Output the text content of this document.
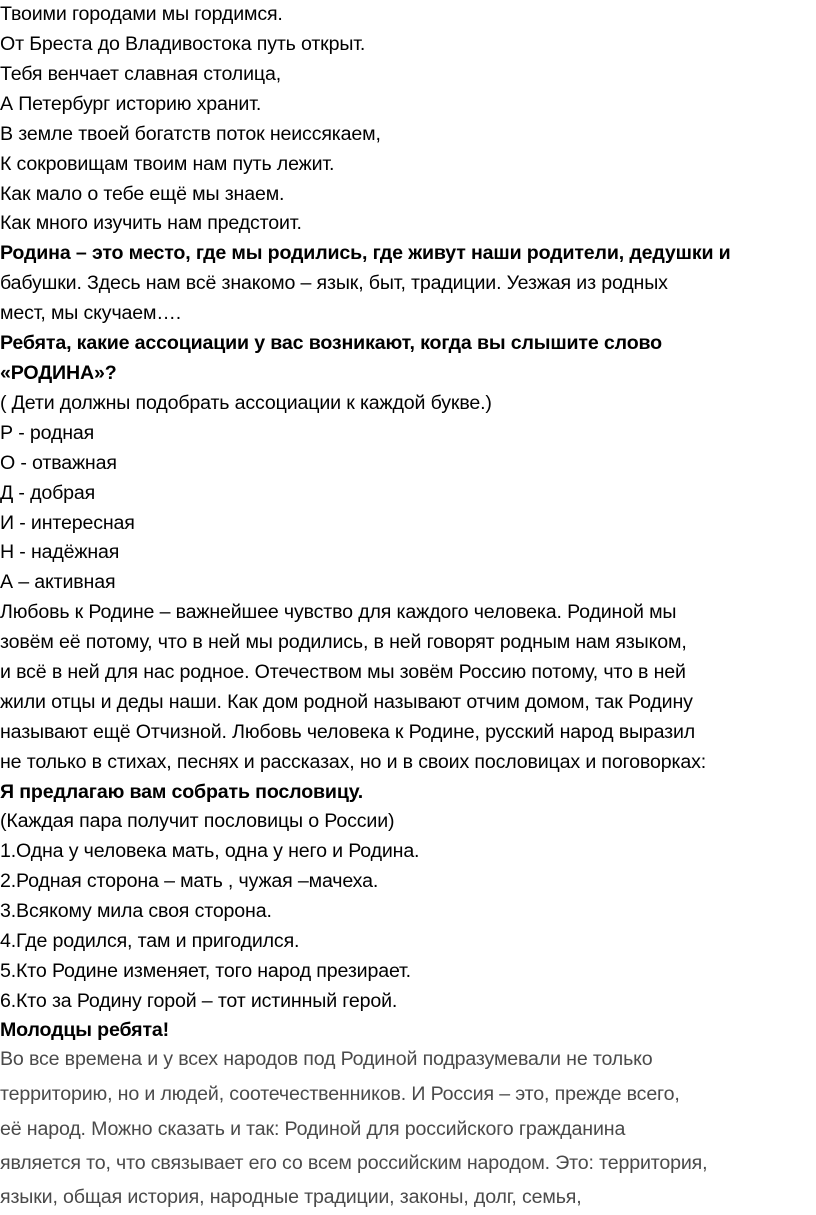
Твоими городами мы гордимся.
От Бреста до Владивостока путь открыт.
Тебя венчает славная столица,
А Петербург историю хранит.
В земле твоей богатств поток неиссякаем,
К сокровищам твоим нам путь лежит.
Как мало о тебе ещё мы знаем.
Как много изучить нам предстоит.
Родина – это место, где мы родились, где живут наши родители, дедушки и
бабушки. Здесь нам всё знакомо – язык, быт, традиции. Уезжая из родных
мест, мы скучаем….
Ребята, какие ассоциации у вас возникают, когда вы слышите слово
«РОДИНА»?
( Дети должны подобрать ассоциации к каждой букве.)
Р - родная
О - отважная
Д - добрая
И - интересная
Н - надёжная
А – активная
Любовь к Родине – важнейшее чувство для каждого человека. Родиной мы
зовём её потому, что в ней мы родились, в ней говорят родным нам языком,
и всё в ней для нас родное. Отечеством мы зовём Россию потому, что в ней
жили отцы и деды наши. Как дом родной называют отчим домом, так Родину
называют ещё Отчизной. Любовь человека к Родине, русский народ выразил
не только в стихах, песнях и рассказах, но и в своих пословицах и поговорках:
Я предлагаю вам собрать пословицу.
(Каждая пара получит пословицы о России)
1.Одна у человека мать, одна у него и Родина.
2.Родная сторона – мать , чужая –мачеха.
3.Всякому мила своя сторона.
4.Где родился, там и пригодился.
5.Кто Родине изменяет, того народ презирает.
6.Кто за Родину горой – тот истинный герой.
Молодцы ребята!
Во все времена и у всех народов под Родиной подразумевали не только
территорию, но и людей, соотечественников. И Россия – это, прежде всего,
её народ. Можно сказать и так: Родиной для российского гражданина
является то, что связывает его со всем российским народом. Это: территория,
языки, общая история, народные традиции, законы, долг, семья,
